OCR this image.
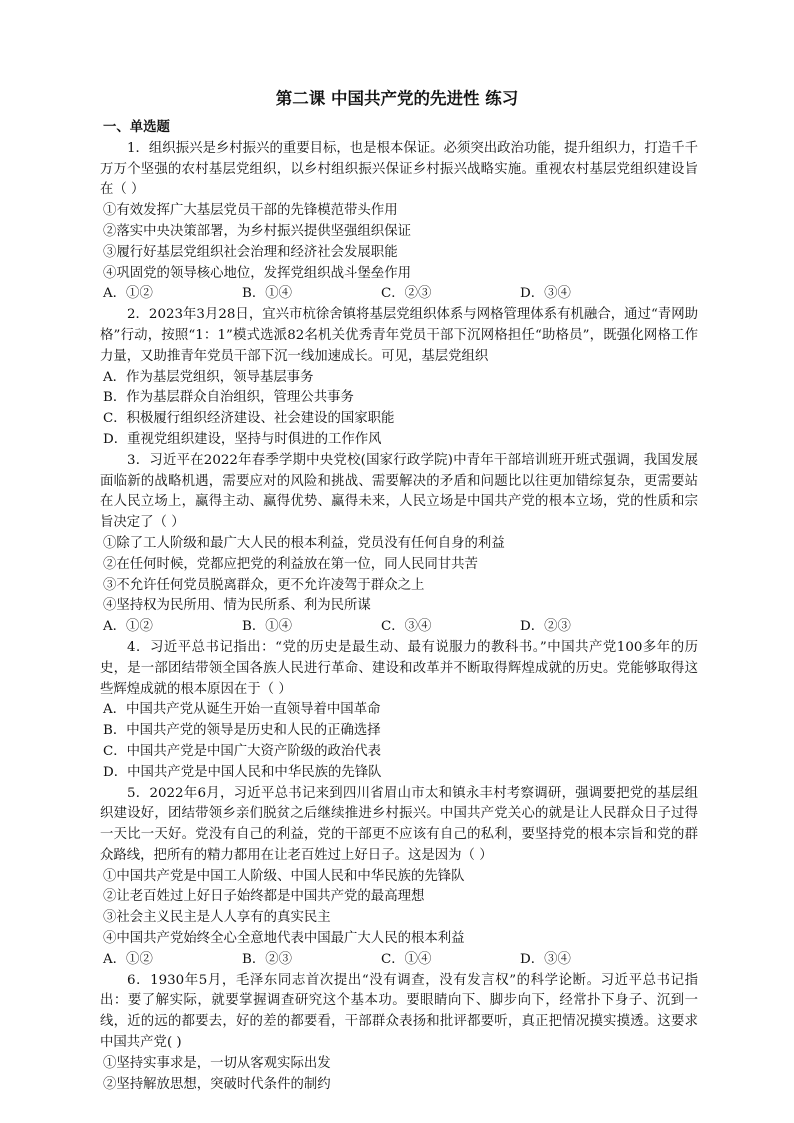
第二课 中国共产党的先进性 练习
一、单选题

1．组织振兴是乡村振兴的重要目标，也是根本保证。必须突出政治功能，提升组织力，打造千千万万个坚强的农村基层党组织，以乡村组织振兴保证乡村振兴战略实施。重视农村基层党组织建设旨在（ ）

①有效发挥广大基层党员干部的先锋模范带头作用

②落实中央决策部署，为乡村振兴提供坚强组织保证

③履行好基层党组织社会治理和经济社会发展职能

④巩固党的领导核心地位，发挥党组织战斗堡垒作用

A．①②	B．①④	C．②③	D．③④

2．2023年3月28日，宜兴市杭徐舍镇将基层党组织体系与网格管理体系有机融合，通过“青网助格”行动，按照“1：1”模式选派82名机关优秀青年党员干部下沉网格担任“助格员”，既强化网格工作力量，又助推青年党员干部下沉一线加速成长。可见，基层党组织

A．作为基层党组织，领导基层事务

B．作为基层群众自治组织，管理公共事务

C．积极履行组织经济建设、社会建设的国家职能

D．重视党组织建设，坚持与时俱进的工作作风

3．习近平在2022年春季学期中央党校(国家行政学院)中青年干部培训班开班式强调，我国发展面临新的战略机遇，需要应对的风险和挑战、需要解决的矛盾和问题比以往更加错综复杂，更需要站在人民立场上，赢得主动、赢得优势、赢得未来，人民立场是中国共产党的根本立场，党的性质和宗旨决定了（ ）

①除了工人阶级和最广大人民的根本利益，党员没有任何自身的利益

②在任何时候，党都应把党的利益放在第一位，同人民同甘共苦

③不允许任何党员脱离群众，更不允许凌驾于群众之上

④坚持权为民所用、情为民所系、利为民所谋

A．①②	B．①④	C．③④	D．②③

4．习近平总书记指出：“党的历史是最生动、最有说服力的教科书。”中国共产党100多年的历史，是一部团结带领全国各族人民进行革命、建设和改革并不断取得辉煌成就的历史。党能够取得这些辉煌成就的根本原因在于（ ）

A．中国共产党从诞生开始一直领导着中国革命

B．中国共产党的领导是历史和人民的正确选择

C．中国共产党是中国广大资产阶级的政治代表

D．中国共产党是中国人民和中华民族的先锋队

5．2022年6月，习近平总书记来到四川省眉山市太和镇永丰村考察调研，强调要把党的基层组织建设好，团结带领乡亲们脱贫之后继续推进乡村振兴。中国共产党关心的就是让人民群众日子过得一天比一天好。党没有自己的利益，党的干部更不应该有自己的私利，要坚持党的根本宗旨和党的群众路线，把所有的精力都用在让老百姓过上好日子。这是因为（ ）

①中国共产党是中国工人阶级、中国人民和中华民族的先锋队

②让老百姓过上好日子始终都是中国共产党的最高理想

③社会主义民主是人人享有的真实民主

④中国共产党始终全心全意地代表中国最广大人民的根本利益

A．①②	B．②③	C．①④	D．③④

6．1930年5月，毛泽东同志首次提出“没有调查，没有发言权”的科学论断。习近平总书记指出：要了解实际，就要掌握调查研究这个基本功。要眼睛向下、脚步向下，经常扑下身子、沉到一线，近的远的都要去，好的差的都要看，干部群众表扬和批评都要听，真正把情况摸实摸透。这要求中国共产党( )

①坚持实事求是，一切从客观实际出发

②坚持解放思想，突破时代条件的制约
